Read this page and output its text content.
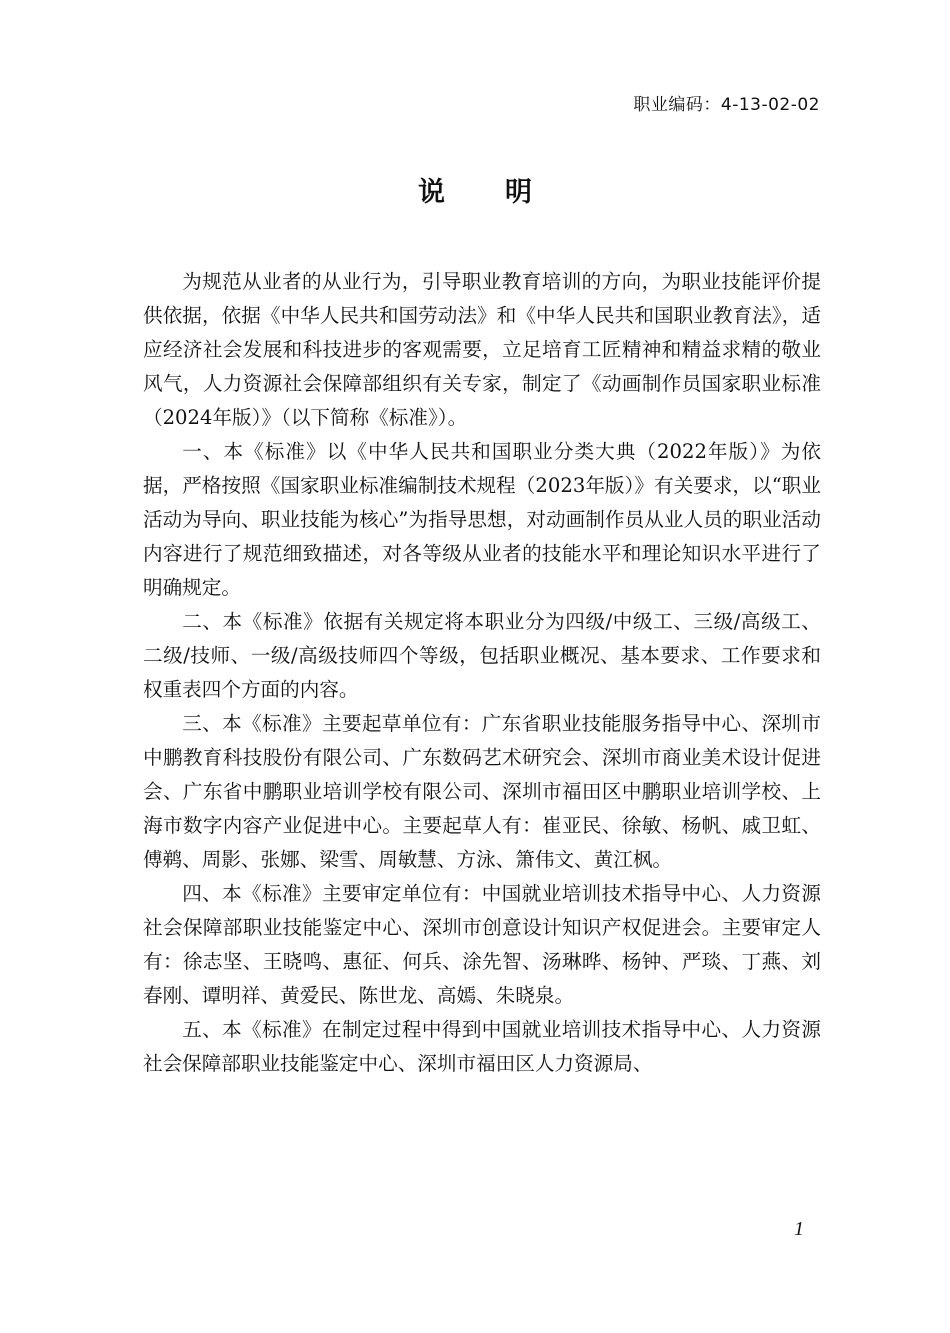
职业编码：4-13-02-02
说明

为规范从业者的从业行为，引导职业教育培训的方向，为职业技能评价提供依据，依据《中华人民共和国劳动法》和《中华人民共和国职业教育法》，适应经济社会发展和科技进步的客观需要，立足培育工匠精神和精益求精的敬业风气，人力资源社会保障部组织有关专家，制定了《动画制作员国家职业标准（2024年版）》（以下简称《标准》）。

一、本《标准》以《中华人民共和国职业分类大典（2022年版）》为依据，严格按照《国家职业标准编制技术规程（2023年版）》有关要求，以“职业活动为导向、职业技能为核心”为指导思想，对动画制作员从业人员的职业活动内容进行了规范细致描述，对各等级从业者的技能水平和理论知识水平进行了明确规定。

二、本《标准》依据有关规定将本职业分为四级/中级工、三级/高级工、二级/技师、一级/高级技师四个等级，包括职业概况、基本要求、工作要求和权重表四个方面的内容。

三、本《标准》主要起草单位有：广东省职业技能服务指导中心、深圳市中鹏教育科技股份有限公司、广东数码艺术研究会、深圳市商业美术设计促进会、广东省中鹏职业培训学校有限公司、深圳市福田区中鹏职业培训学校、上海市数字内容产业促进中心。主要起草人有：崔亚民、徐敏、杨帆、戚卫虹、傅鹈、周影、张娜、梁雪、周敏慧、方泳、箫伟文、黄江枫。

四、本《标准》主要审定单位有：中国就业培训技术指导中心、人力资源社会保障部职业技能鉴定中心、深圳市创意设计知识产权促进会。主要审定人有：徐志坚、王晓鸣、惠征、何兵、涂先智、汤琳晔、杨钟、严琰、丁燕、刘春刚、谭明祥、黄爱民、陈世龙、高嫣、朱晓泉。

五、本《标准》在制定过程中得到中国就业培训技术指导中心、人力资源社会保障部职业技能鉴定中心、深圳市福田区人力资源局、

1
